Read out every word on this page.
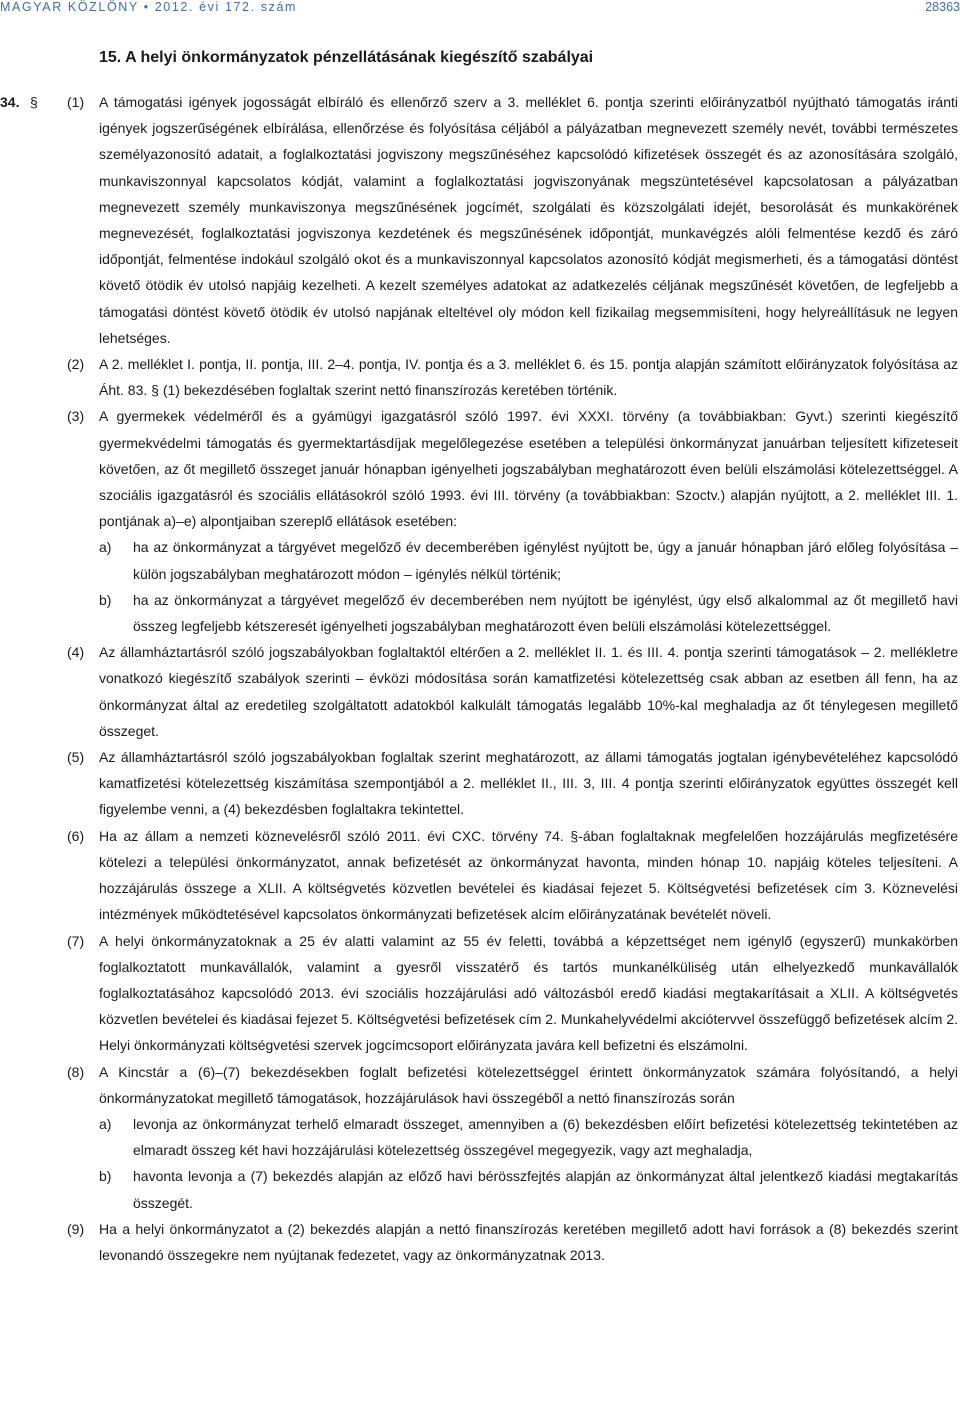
MAGYAR KÖZLÖNY • 2012. évi 172. szám	28363
15. A helyi önkormányzatok pénzellátásának kiegészítő szabályai
34. § (1) A támogatási igények jogosságát elbíráló és ellenőrző szerv a 3. melléklet 6. pontja szerinti előirányzatból nyújtható támogatás iránti igények jogszerűségének elbírálása, ellenőrzése és folyósítása céljából a pályázatban megnevezett személy nevét, további természetes személyazonosító adatait, a foglalkoztatási jogviszony megszűnéséhez kapcsolódó kifizetések összegét és az azonosítására szolgáló, munkaviszonnyal kapcsolatos kódját, valamint a foglalkoztatási jogviszonyának megszüntetésével kapcsolatosan a pályázatban megnevezett személy munkaviszonya megszűnésének jogcímét, szolgálati és közszolgálati idejét, besorolását és munkakörének megnevezését, foglalkoztatási jogviszonya kezdetének és megszűnésének időpontját, munkavégzés alóli felmentése kezdő és záró időpontját, felmentése indokául szolgáló okot és a munkaviszonnyal kapcsolatos azonosító kódját megismerheti, és a támogatási döntést követő ötödik év utolsó napjáig kezelheti. A kezelt személyes adatokat az adatkezelés céljának megszűnését követően, de legfeljebb a támogatási döntést követő ötödik év utolsó napjának elteltével oly módon kell fizikailag megsemmisíteni, hogy helyreállításuk ne legyen lehetséges.
(2) A 2. melléklet I. pontja, II. pontja, III. 2–4. pontja, IV. pontja és a 3. melléklet 6. és 15. pontja alapján számított előirányzatok folyósítása az Áht. 83. § (1) bekezdésében foglaltak szerint nettó finanszírozás keretében történik.
(3) A gyermekek védelméről és a gyámügyi igazgatásról szóló 1997. évi XXXI. törvény (a továbbiakban: Gyvt.) szerinti kiegészítő gyermekvédelmi támogatás és gyermektartásdíjak megelőlegezése esetében a települési önkormányzat januárban teljesített kifizeteseit követően, az őt megillető összeget január hónapban igényelheti jogszabályban meghatározott éven belüli elszámolási kötelezettséggel. A szociális igazgatásról és szociális ellátásokról szóló 1993. évi III. törvény (a továbbiakban: Szoctv.) alapján nyújtott, a 2. melléklet III. 1. pontjának a)–e) alpontjaiban szereplő ellátások esetében:
a) ha az önkormányzat a tárgyévet megelőző év decemberében igénylést nyújtott be, úgy a január hónapban járó előleg folyósítása – külön jogszabályban meghatározott módon – igénylés nélkül történik;
b) ha az önkormányzat a tárgyévet megelőző év decemberében nem nyújtott be igénylést, úgy első alkalommal az őt megillető havi összeg legfeljebb kétszeresét igényelheti jogszabályban meghatározott éven belüli elszámolási kötelezettséggel.
(4) Az államháztartásról szóló jogszabályokban foglaltaktól eltérően a 2. melléklet II. 1. és III. 4. pontja szerinti támogatások – 2. mellékletre vonatkozó kiegészítő szabályok szerinti – évközi módosítása során kamatfizetési kötelezettség csak abban az esetben áll fenn, ha az önkormányzat által az eredetileg szolgáltatott adatokból kalkulált támogatás legalább 10%-kal meghaladja az őt ténylegesen megillető összeget.
(5) Az államháztartásról szóló jogszabályokban foglaltak szerint meghatározott, az állami támogatás jogtalan igénybevételéhez kapcsolódó kamatfizetési kötelezettség kiszámítása szempontjából a 2. melléklet II., III. 3, III. 4 pontja szerinti előirányzatok együttes összegét kell figyelembe venni, a (4) bekezdésben foglaltakra tekintettel.
(6) Ha az állam a nemzeti köznevelésről szóló 2011. évi CXC. törvény 74. §-ában foglaltaknak megfelelően hozzájárulás megfizetésére kötelezi a települési önkormányzatot, annak befizetését az önkormányzat havonta, minden hónap 10. napjáig köteles teljesíteni. A hozzájárulás összege a XLII. A költségvetés közvetlen bevételei és kiadásai fejezet 5. Költségvetési befizetések cím 3. Köznevelési intézmények működtetésével kapcsolatos önkormányzati befizetések alcím előirányzatának bevételét növeli.
(7) A helyi önkormányzatoknak a 25 év alatti valamint az 55 év feletti, továbbá a képzettséget nem igénylő (egyszerű) munkakörben foglalkoztatott munkavállalók, valamint a gyesről visszatérő és tartós munkanélküliség után elhelyezkedő munkavállalók foglalkoztatásához kapcsolódó 2013. évi szociális hozzájárulási adó változásból eredő kiadási megtakarításait a XLII. A költségvetés közvetlen bevételei és kiadásai fejezet 5. Költségvetési befizetések cím 2. Munkahelyvédelmi akciótervvel összefüggő befizetések alcím 2. Helyi önkormányzati költségvetési szervek jogcímcsoport előirányzata javára kell befizetni és elszámolni.
(8) A Kincstár a (6)–(7) bekezdésekben foglalt befizetési kötelezettséggel érintett önkormányzatok számára folyósítandó, a helyi önkormányzatokat megillető támogatások, hozzájárulások havi összegéből a nettó finanszírozás során
a) levonja az önkormányzat terhelő elmaradt összeget, amennyiben a (6) bekezdésben előírt befizetési kötelezettség tekintetében az elmaradt összeg két havi hozzájárulási kötelezettség összegével megegyezik, vagy azt meghaladja,
b) havonta levonja a (7) bekezdés alapján az előző havi bérösszfejtés alapján az önkormányzat által jelentkező kiadási megtakarítás összegét.
(9) Ha a helyi önkormányzatot a (2) bekezdés alapján a nettó finanszírozás keretében megillető adott havi források a (8) bekezdés szerint levonandó összegekre nem nyújtanak fedezetet, vagy az önkormányzatnak 2013.
